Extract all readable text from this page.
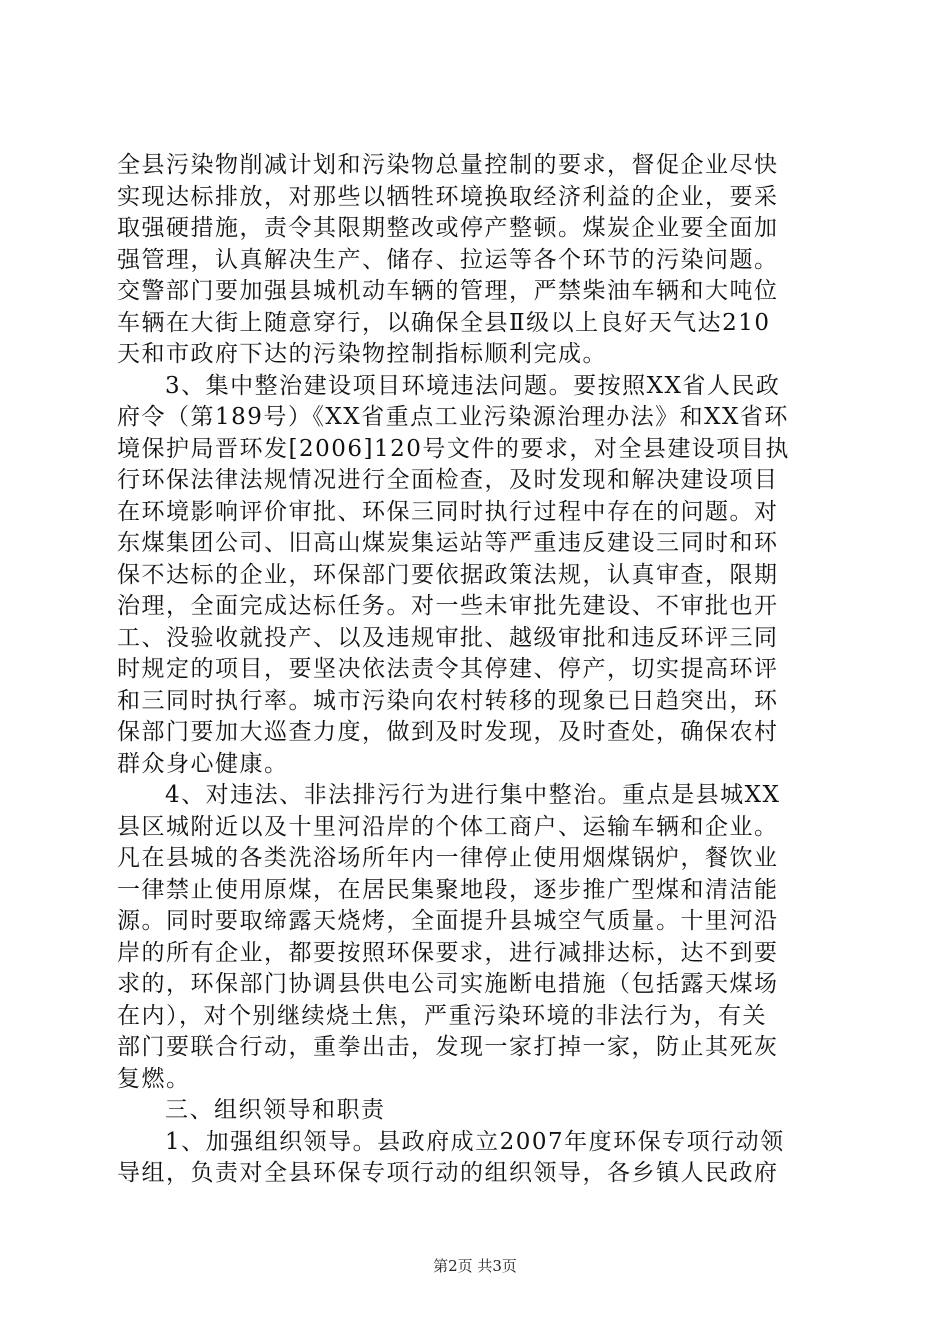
全县污染物削减计划和污染物总量控制的要求，督促企业尽快
实现达标排放，对那些以牺牲环境换取经济利益的企业，要采
取强硬措施，责令其限期整改或停产整顿。煤炭企业要全面加
强管理，认真解决生产、储存、拉运等各个环节的污染问题。
交警部门要加强县城机动车辆的管理，严禁柴油车辆和大吨位
车辆在大街上随意穿行，以确保全县Ⅱ级以上良好天气达210
天和市政府下达的污染物控制指标顺利完成。
3、集中整治建设项目环境违法问题。要按照XX省人民政
府令（第189号）《XX省重点工业污染源治理办法》和XX省环
境保护局晋环发[2006]120号文件的要求，对全县建设项目执
行环保法律法规情况进行全面检查，及时发现和解决建设项目
在环境影响评价审批、环保三同时执行过程中存在的问题。对
东煤集团公司、旧高山煤炭集运站等严重违反建设三同时和环
保不达标的企业，环保部门要依据政策法规，认真审查，限期
治理，全面完成达标任务。对一些未审批先建设、不审批也开
工、没验收就投产、以及违规审批、越级审批和违反环评三同
时规定的项目，要坚决依法责令其停建、停产，切实提高环评
和三同时执行率。城市污染向农村转移的现象已日趋突出，环
保部门要加大巡查力度，做到及时发现，及时查处，确保农村
群众身心健康。
4、对违法、非法排污行为进行集中整治。重点是县城XX
县区城附近以及十里河沿岸的个体工商户、运输车辆和企业。
凡在县城的各类洗浴场所年内一律停止使用烟煤锅炉，餐饮业
一律禁止使用原煤，在居民集聚地段，逐步推广型煤和清洁能
源。同时要取缔露天烧烤，全面提升县城空气质量。十里河沿
岸的所有企业，都要按照环保要求，进行减排达标，达不到要
求的，环保部门协调县供电公司实施断电措施（包括露天煤场
在内），对个别继续烧土焦，严重污染环境的非法行为，有关
部门要联合行动，重拳出击，发现一家打掉一家，防止其死灰
复燃。
三、组织领导和职责
1、加强组织领导。县政府成立2007年度环保专项行动领
导组，负责对全县环保专项行动的组织领导，各乡镇人民政府
第2页 共3页
